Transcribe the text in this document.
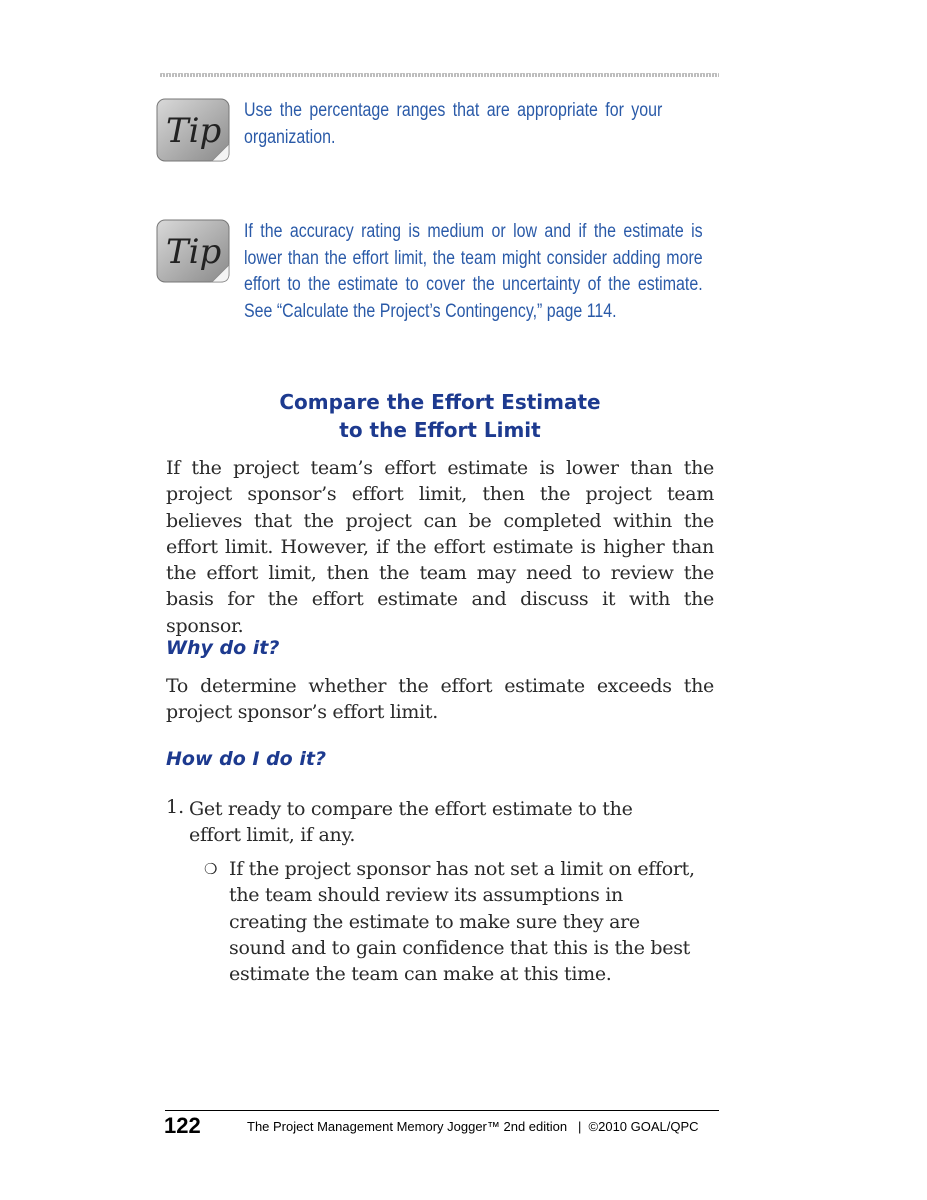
Tip
Use the percentage ranges that are appropriate for your organization.
Tip
If the accuracy rating is medium or low and if the estimate is lower than the effort limit, the team might consider adding more effort to the estimate to cover the uncertainty of the estimate. See “Calculate the Project’s Contingency,” page 114.
Compare the Effort Estimate
to the Effort Limit
If the project team’s effort estimate is lower than the project sponsor’s effort limit, then the project team believes that the project can be completed within the effort limit. However, if the effort estimate is higher than the effort limit, then the team may need to review the basis for the effort estimate and discuss it with the sponsor.
Why do it?
To determine whether the effort estimate exceeds the project sponsor’s effort limit.
How do I do it?
1. Get ready to compare the effort estimate to the effort limit, if any.
❍ If the project sponsor has not set a limit on effort, the team should review its assumptions in creating the estimate to make sure they are sound and to gain confidence that this is the best estimate the team can make at this time.
122	The Project Management Memory Jogger™ 2nd edition   |  ©2010 GOAL/QPC
